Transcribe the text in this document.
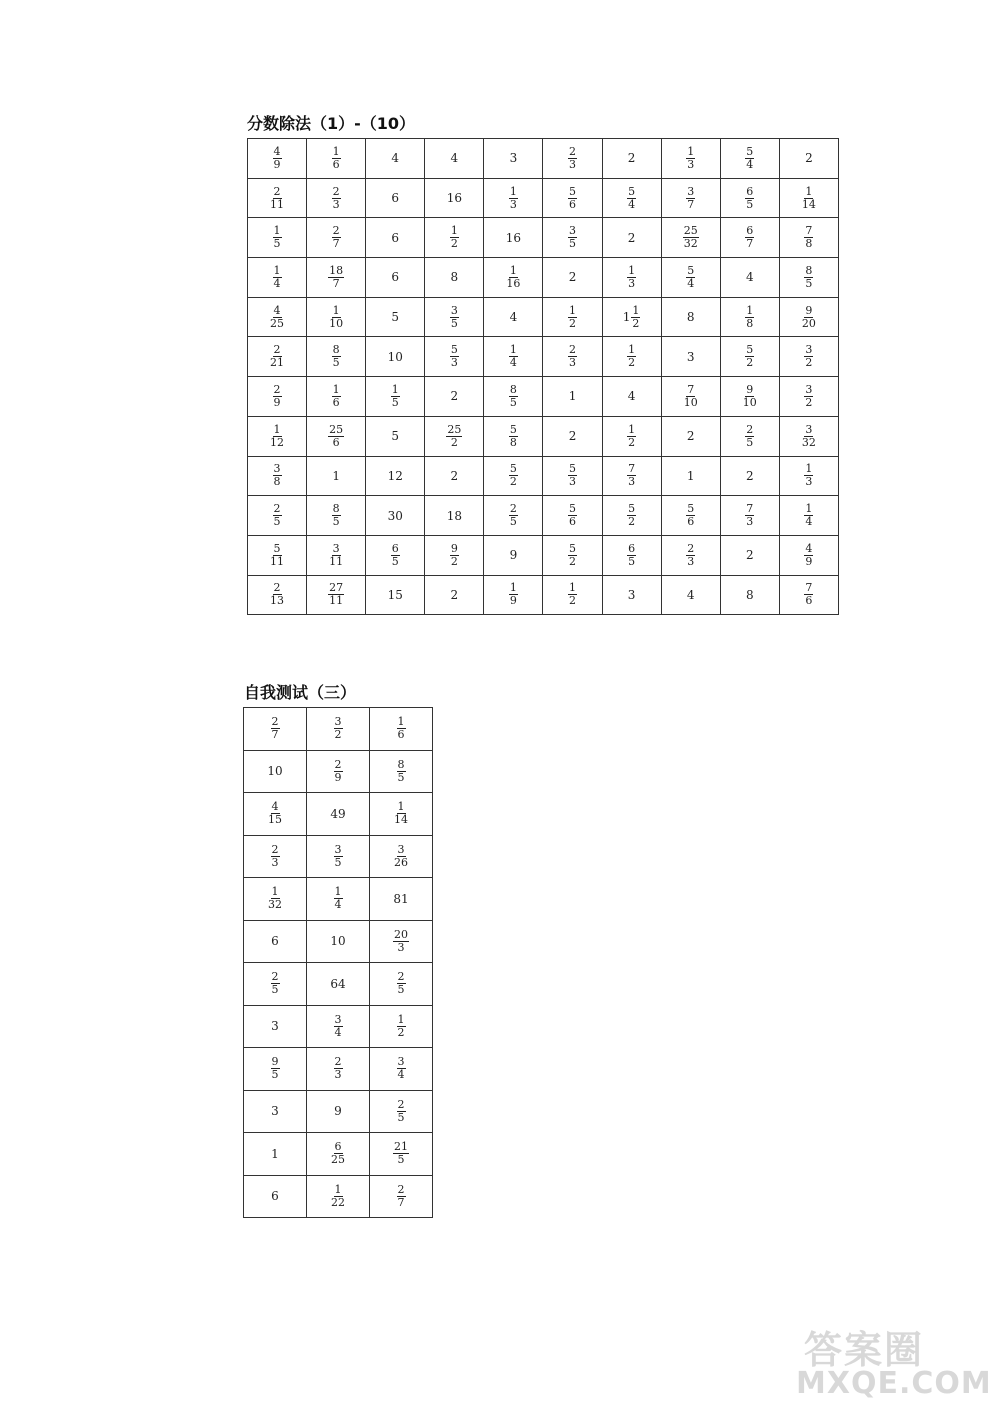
分数除法（1）-（10）
$\frac{4}{9}$	$\frac{1}{6}$	4	4	3	$\frac{2}{3}$	2	$\frac{1}{3}$	$\frac{5}{4}$	2

$\frac{2}{11}$	$\frac{2}{3}$	6	16	$\frac{1}{3}$	$\frac{5}{6}$	$\frac{5}{4}$	$\frac{3}{7}$	$\frac{6}{5}$	$\frac{1}{14}$

$\frac{1}{5}$	$\frac{2}{7}$	6	$\frac{1}{2}$	16	$\frac{3}{5}$	2	$\frac{25}{32}$	$\frac{6}{7}$	$\frac{7}{8}$

$\frac{1}{4}$	$\frac{18}{7}$	6	8	$\frac{1}{16}$	2	$\frac{1}{3}$	$\frac{5}{4}$	4	$\frac{8}{5}$

$\frac{4}{25}$	$\frac{1}{10}$	5	$\frac{3}{5}$	4	$\frac{1}{2}$	$1 \frac{1}{2}$	8	$\frac{1}{8}$	$\frac{9}{20}$

$\frac{2}{21}$	$\frac{8}{5}$	10	$\frac{5}{3}$	$\frac{1}{4}$	$\frac{2}{3}$	$\frac{1}{2}$	3	$\frac{5}{2}$	$\frac{3}{2}$

$\frac{2}{9}$	$\frac{1}{6}$	$\frac{1}{5}$	2	$\frac{8}{5}$	1	4	$\frac{7}{10}$	$\frac{9}{10}$	$\frac{3}{2}$

$\frac{1}{12}$	$\frac{25}{6}$	5	$\frac{25}{2}$	$\frac{5}{8}$	2	$\frac{1}{2}$	2	$\frac{2}{5}$	$\frac{3}{32}$

$\frac{3}{8}$	1	12	2	$\frac{5}{2}$	$\frac{5}{3}$	$\frac{7}{3}$	1	2	$\frac{1}{3}$

$\frac{2}{5}$	$\frac{8}{5}$	30	18	$\frac{2}{5}$	$\frac{5}{6}$	$\frac{5}{2}$	$\frac{5}{6}$	$\frac{7}{3}$	$\frac{1}{4}$

$\frac{5}{11}$	$\frac{3}{11}$	$\frac{6}{5}$	$\frac{9}{2}$	9	$\frac{5}{2}$	$\frac{6}{5}$	$\frac{2}{3}$	2	$\frac{4}{9}$

$\frac{2}{13}$	$\frac{27}{11}$	15	2	$\frac{1}{9}$	$\frac{1}{2}$	3	4	8	$\frac{7}{6}$
自我测试（三）
$\frac{2}{7}$	$\frac{3}{2}$	$\frac{1}{6}$

10	$\frac{2}{9}$	$\frac{8}{5}$

$\frac{4}{15}$	49	$\frac{1}{14}$

$\frac{2}{3}$	$\frac{3}{5}$	$\frac{3}{26}$

$\frac{1}{32}$	$\frac{1}{4}$	81
6	10	$\frac{20}{3}$

$\frac{2}{5}$	64	$\frac{2}{5}$

3	$\frac{3}{4}$	$\frac{1}{2}$

$\frac{9}{5}$	$\frac{2}{3}$	$\frac{3}{4}$

3	9	$\frac{2}{5}$

1	$\frac{6}{25}$	$\frac{21}{5}$

6	$\frac{1}{22}$	$\frac{2}{7}$
答案圈
MXQE.COM
